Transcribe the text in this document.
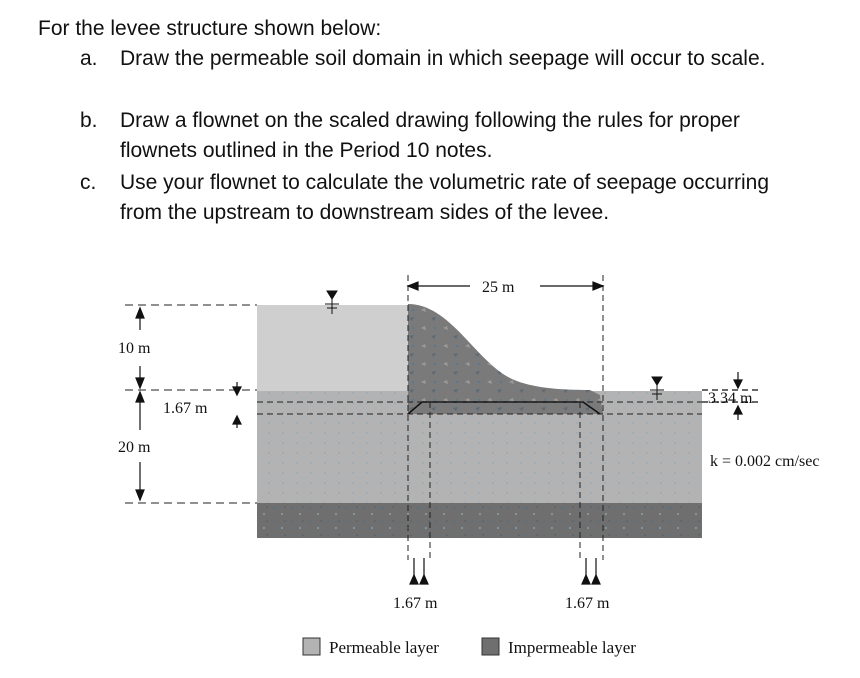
For the levee structure shown below:
a. Draw the permeable soil domain in which seepage will occur to scale.
b. Draw a flownet on the scaled drawing following the rules for proper flownets outlined in the Period 10 notes.
c. Use your flownet to calculate the volumetric rate of seepage occurring from the upstream to downstream sides of the levee.
10 m
20 m
1.67 m
25 m
3.34 m
k = 0.002 cm/sec
1.67 m	1.67 m
Permeable layer	Impermeable layer
